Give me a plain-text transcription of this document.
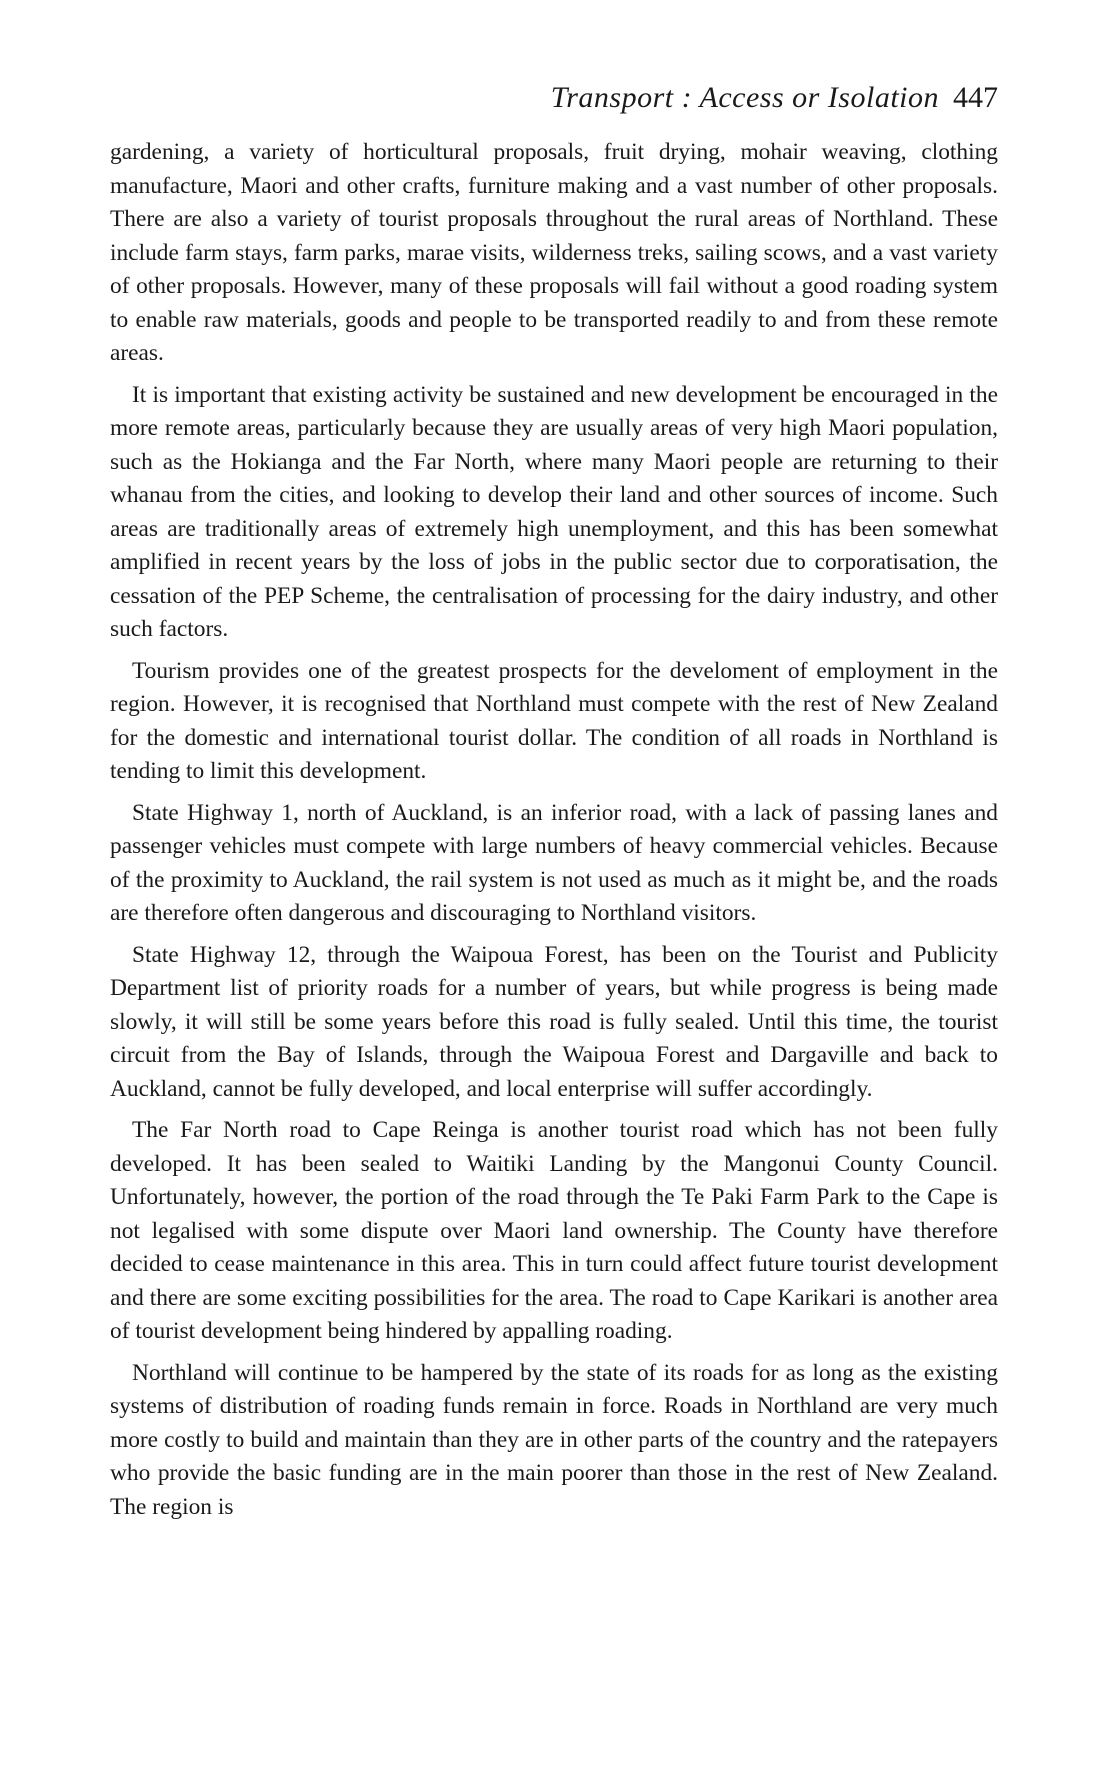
Transport : Access or Isolation 447

gardening, a variety of horticultural proposals, fruit drying, mohair weaving, clothing manufacture, Maori and other crafts, furniture making and a vast number of other proposals. There are also a variety of tourist proposals throughout the rural areas of Northland. These include farm stays, farm parks, marae visits, wilderness treks, sailing scows, and a vast variety of other proposals. However, many of these proposals will fail without a good roading system to enable raw materials, goods and people to be transported readily to and from these remote areas.

It is important that existing activity be sustained and new development be encouraged in the more remote areas, particularly because they are usually areas of very high Maori population, such as the Hokianga and the Far North, where many Maori people are returning to their whanau from the cities, and looking to develop their land and other sources of income. Such areas are traditionally areas of extremely high unemployment, and this has been somewhat amplified in recent years by the loss of jobs in the public sector due to corporatisation, the cessation of the PEP Scheme, the centralisation of processing for the dairy industry, and other such factors.

Tourism provides one of the greatest prospects for the develoment of employment in the region. However, it is recognised that Northland must compete with the rest of New Zealand for the domestic and international tourist dollar. The condition of all roads in Northland is tending to limit this development.

State Highway 1, north of Auckland, is an inferior road, with a lack of passing lanes and passenger vehicles must compete with large numbers of heavy commercial vehicles. Because of the proximity to Auckland, the rail system is not used as much as it might be, and the roads are therefore often dangerous and discouraging to Northland visitors.

State Highway 12, through the Waipoua Forest, has been on the Tourist and Publicity Department list of priority roads for a number of years, but while progress is being made slowly, it will still be some years before this road is fully sealed. Until this time, the tourist circuit from the Bay of Islands, through the Waipoua Forest and Dargaville and back to Auckland, cannot be fully developed, and local enterprise will suffer accordingly.

The Far North road to Cape Reinga is another tourist road which has not been fully developed. It has been sealed to Waitiki Landing by the Mangonui County Council. Unfortunately, however, the portion of the road through the Te Paki Farm Park to the Cape is not legalised with some dispute over Maori land ownership. The County have therefore decided to cease maintenance in this area. This in turn could affect future tourist development and there are some exciting possibilities for the area. The road to Cape Karikari is another area of tourist development being hindered by appalling roading.

Northland will continue to be hampered by the state of its roads for as long as the existing systems of distribution of roading funds remain in force. Roads in Northland are very much more costly to build and maintain than they are in other parts of the country and the ratepayers who provide the basic funding are in the main poorer than those in the rest of New Zealand. The region is
